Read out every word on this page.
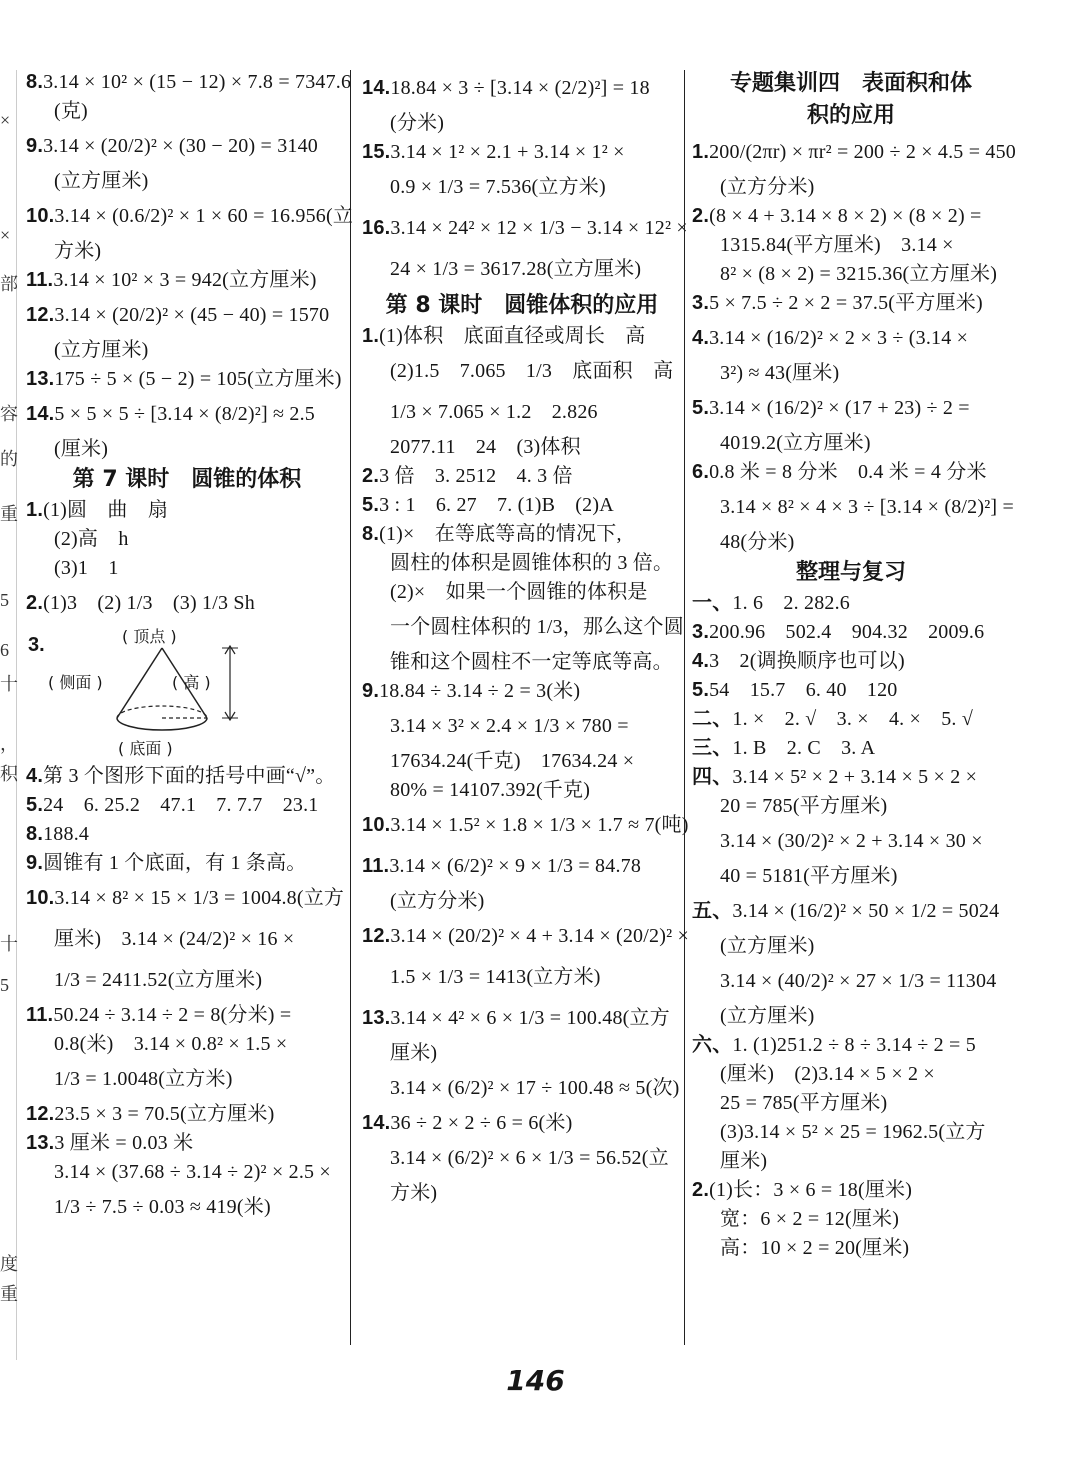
×
×
部
容
的
重
5
6
十
，
积
十
5
度
重
8.3.14 × 10² × (15 − 12) × 7.8 = 7347.6
(克)
9.3.14 × (20/2)² × (30 − 20) = 3140
(立方厘米)
10.3.14 × (0.6/2)² × 1 × 60 = 16.956(立
方米)
11.3.14 × 10² × 3 = 942(立方厘米)
12.3.14 × (20/2)² × (45 − 40) = 1570
(立方厘米)
13.175 ÷ 5 × (5 − 2) = 105(立方厘米)
14.5 × 5 × 5 ÷ [3.14 × (8/2)²] ≈ 2.5
(厘米)
第 7 课时　圆锥的体积
1.(1)圆　曲　扇
(2)高　h
(3)1　1
2.(1)3　(2) 1/3　(3) 1/3 Sh
3.	( 顶点 )
( 侧面 )	( 高 )
( 底面 )
4.第 3 个图形下面的括号中画“√”。
5.24　6. 25.2　47.1　7. 7.7　23.1
8.188.4
9.圆锥有 1 个底面，有 1 条高。
10.3.14 × 8² × 15 × 1/3 = 1004.8(立方
厘米)　3.14 × (24/2)² × 16 ×
1/3 = 2411.52(立方厘米)
11.50.24 ÷ 3.14 ÷ 2 = 8(分米) =
0.8(米)　3.14 × 0.8² × 1.5 ×
1/3 = 1.0048(立方米)
12.23.5 × 3 = 70.5(立方厘米)
13.3 厘米 = 0.03 米
3.14 × (37.68 ÷ 3.14 ÷ 2)² × 2.5 ×
1/3 ÷ 7.5 ÷ 0.03 ≈ 419(米)
14.18.84 × 3 ÷ [3.14 × (2/2)²] = 18
(分米)
15.3.14 × 1² × 2.1 + 3.14 × 1² ×
0.9 × 1/3 = 7.536(立方米)
16.3.14 × 24² × 12 × 1/3 − 3.14 × 12² ×
24 × 1/3 = 3617.28(立方厘米)
第 8 课时　圆锥体积的应用
1.(1)体积　底面直径或周长　高
(2)1.5　7.065　1/3　底面积　高
1/3 × 7.065 × 1.2　2.826
2077.11　24　(3)体积
2.3 倍　3. 2512　4. 3 倍
5.3 : 1　6. 27　7. (1)B　(2)A
8.(1)×　在等底等高的情况下,
圆柱的体积是圆锥体积的 3 倍。
(2)×　如果一个圆锥的体积是
一个圆柱体积的 1/3，那么这个圆
锥和这个圆柱不一定等底等高。
9.18.84 ÷ 3.14 ÷ 2 = 3(米)
3.14 × 3² × 2.4 × 1/3 × 780 =
17634.24(千克)　17634.24 ×
80% = 14107.392(千克)
10.3.14 × 1.5² × 1.8 × 1/3 × 1.7 ≈ 7(吨)
11.3.14 × (6/2)² × 9 × 1/3 = 84.78
(立方分米)
12.3.14 × (20/2)² × 4 + 3.14 × (20/2)² ×
1.5 × 1/3 = 1413(立方米)
13.3.14 × 4² × 6 × 1/3 = 100.48(立方
厘米)
3.14 × (6/2)² × 17 ÷ 100.48 ≈ 5(次)
14.36 ÷ 2 × 2 ÷ 6 = 6(米)
3.14 × (6/2)² × 6 × 1/3 = 56.52(立
方米)
专题集训四　表面积和体
积的应用
1.200/(2πr) × πr² = 200 ÷ 2 × 4.5 = 450
(立方分米)
2.(8 × 4 + 3.14 × 8 × 2) × (8 × 2) =
1315.84(平方厘米)　3.14 ×
8² × (8 × 2) = 3215.36(立方厘米)
3.5 × 7.5 ÷ 2 × 2 = 37.5(平方厘米)
4.3.14 × (16/2)² × 2 × 3 ÷ (3.14 ×
3²) ≈ 43(厘米)
5.3.14 × (16/2)² × (17 + 23) ÷ 2 =
4019.2(立方厘米)
6.0.8 米 = 8 分米　0.4 米 = 4 分米
3.14 × 8² × 4 × 3 ÷ [3.14 × (8/2)²] =
48(分米)
整理与复习
一、1. 6　2. 282.6
3.200.96　502.4　904.32　2009.6
4.3　2(调换顺序也可以)
5.54　15.7　6. 40　120
二、1. ×　2. √　3. ×　4. ×　5. √
三、1. B　2. C　3. A
四、3.14 × 5² × 2 + 3.14 × 5 × 2 ×
20 = 785(平方厘米)
3.14 × (30/2)² × 2 + 3.14 × 30 ×
40 = 5181(平方厘米)
五、3.14 × (16/2)² × 50 × 1/2 = 5024
(立方厘米)
3.14 × (40/2)² × 27 × 1/3 = 11304
(立方厘米)
六、1. (1)251.2 ÷ 8 ÷ 3.14 ÷ 2 = 5
(厘米)　(2)3.14 × 5 × 2 ×
25 = 785(平方厘米)
(3)3.14 × 5² × 25 = 1962.5(立方
厘米)
2.(1)长：3 × 6 = 18(厘米)
宽：6 × 2 = 12(厘米)
高：10 × 2 = 20(厘米)
146
